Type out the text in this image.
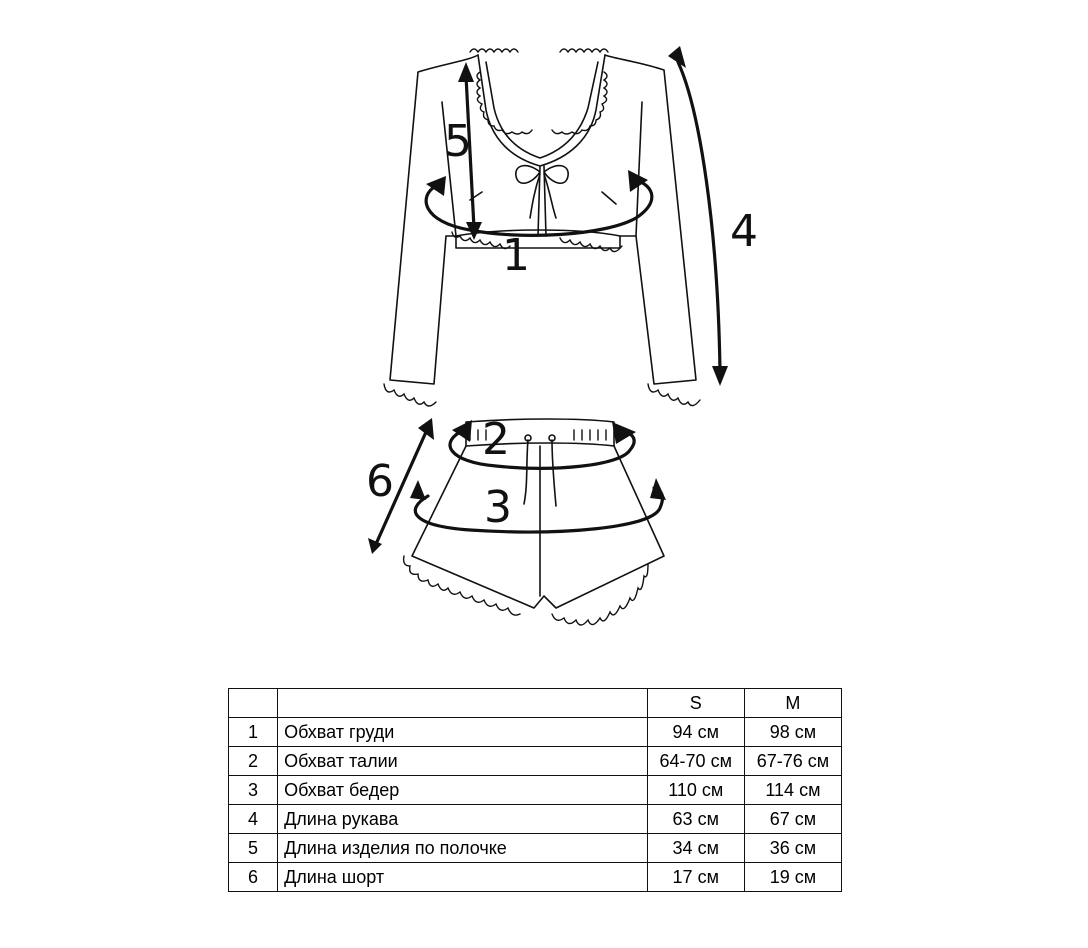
1
2
3
4
5
6
		S	M
1	Обхват груди	94 см	98 см
2	Обхват талии	64-70 см	67-76 см
3	Обхват бедер	110 см	114 см
4	Длина рукава	63 см	67 см
5	Длина изделия по полочке	34 см	36 см
6	Длина шорт	17 см	19 см
